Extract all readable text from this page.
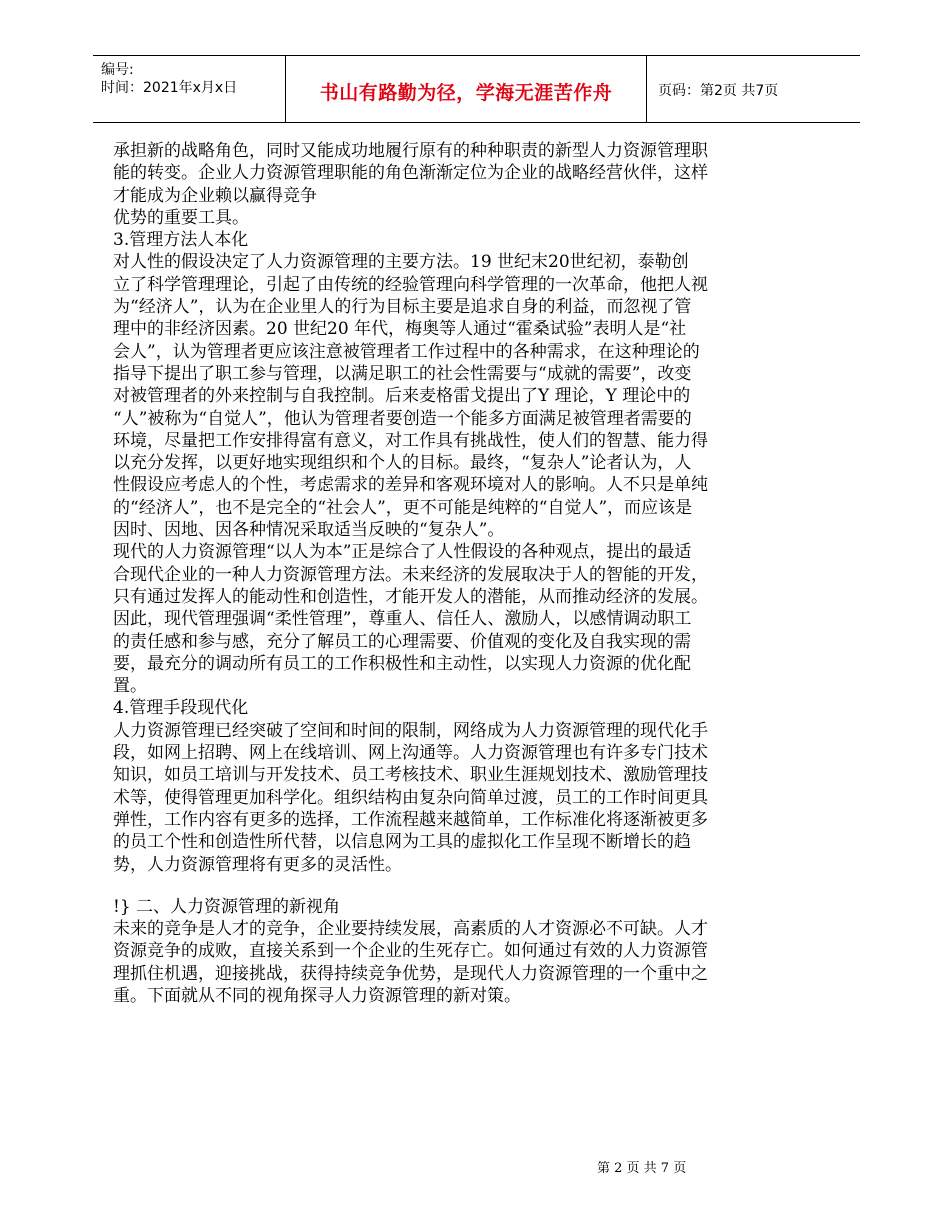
编号:
时间：2021年x月x日	书山有路勤为径，学海无涯苦作舟	页码：第2页 共7页
承担新的战略角色，同时又能成功地履行原有的种种职责的新型人力资源管理职
能的转变。企业人力资源管理职能的角色渐渐定位为企业的战略经营伙伴，这样
才能成为企业赖以赢得竞争
优势的重要工具。
3.管理方法人本化
对人性的假设决定了人力资源管理的主要方法。19 世纪末20世纪初，泰勒创
立了科学管理理论，引起了由传统的经验管理向科学管理的一次革命，他把人视
为“经济人”，认为在企业里人的行为目标主要是追求自身的利益，而忽视了管
理中的非经济因素。20 世纪20 年代，梅奥等人通过“霍桑试验”表明人是“社
会人”，认为管理者更应该注意被管理者工作过程中的各种需求，在这种理论的
指导下提出了职工参与管理，以满足职工的社会性需要与“成就的需要”，改变
对被管理者的外来控制与自我控制。后来麦格雷戈提出了Y 理论，Y 理论中的
“人”被称为“自觉人”，他认为管理者要创造一个能多方面满足被管理者需要的
环境，尽量把工作安排得富有意义，对工作具有挑战性，使人们的智慧、能力得
以充分发挥，以更好地实现组织和个人的目标。最终，“复杂人”论者认为，人
性假设应考虑人的个性，考虑需求的差异和客观环境对人的影响。人不只是单纯
的“经济人”，也不是完全的“社会人”，更不可能是纯粹的“自觉人”，而应该是
因时、因地、因各种情况采取适当反映的“复杂人”。
现代的人力资源管理“以人为本”正是综合了人性假设的各种观点，提出的最适
合现代企业的一种人力资源管理方法。未来经济的发展取决于人的智能的开发，
只有通过发挥人的能动性和创造性，才能开发人的潜能，从而推动经济的发展。
因此，现代管理强调“柔性管理”，尊重人、信任人、激励人，以感情调动职工
的责任感和参与感，充分了解员工的心理需要、价值观的变化及自我实现的需
要，最充分的调动所有员工的工作积极性和主动性，以实现人力资源的优化配
置。
4.管理手段现代化
人力资源管理已经突破了空间和时间的限制，网络成为人力资源管理的现代化手
段，如网上招聘、网上在线培训、网上沟通等。人力资源管理也有许多专门技术
知识，如员工培训与开发技术、员工考核技术、职业生涯规划技术、激励管理技
术等，使得管理更加科学化。组织结构由复杂向简单过渡，员工的工作时间更具
弹性，工作内容有更多的选择，工作流程越来越简单，工作标准化将逐渐被更多
的员工个性和创造性所代替，以信息网为工具的虚拟化工作呈现不断增长的趋
势，人力资源管理将有更多的灵活性。
!} 二、人力资源管理的新视角
未来的竞争是人才的竞争，企业要持续发展，高素质的人才资源必不可缺。人才
资源竞争的成败，直接关系到一个企业的生死存亡。如何通过有效的人力资源管
理抓住机遇，迎接挑战，获得持续竞争优势，是现代人力资源管理的一个重中之
重。下面就从不同的视角探寻人力资源管理的新对策。
第 2 页 共 7 页
